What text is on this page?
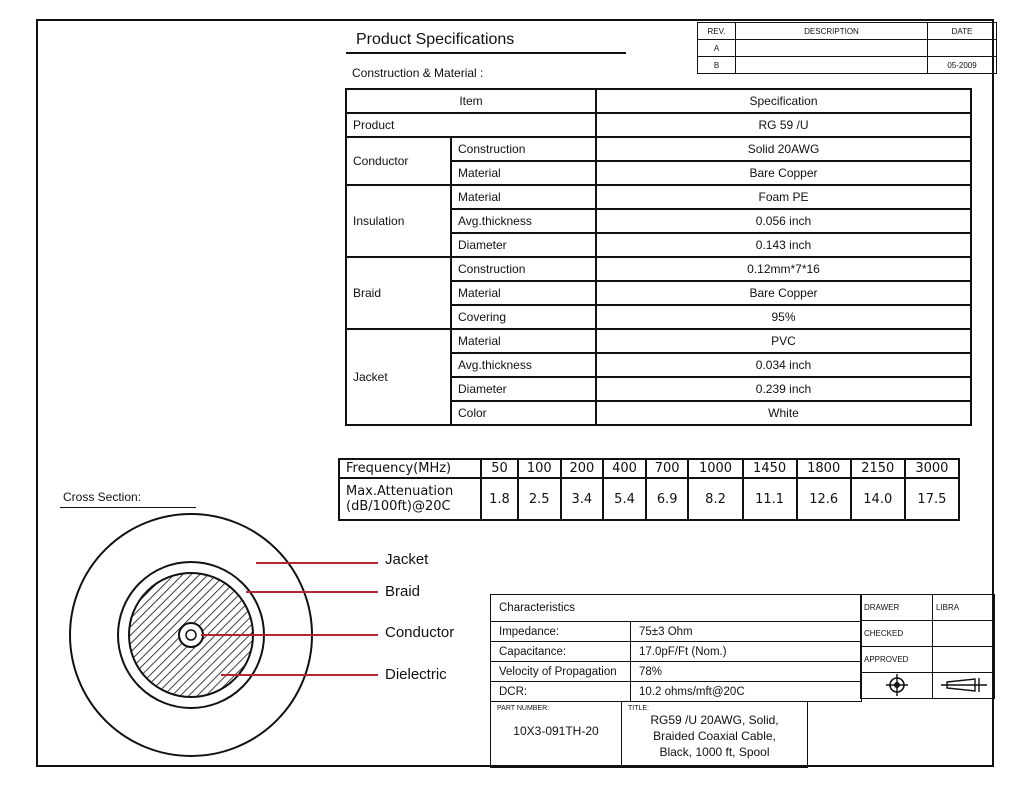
REV.	DESCRIPTION	DATE
A		
B		05-2009
Product Specifications
Construction & Material :
Item		Specification
Product		RG 59 /U
Conductor	Construction	Solid 20AWG
	Material	Bare Copper
Insulation	Material	Foam PE
	Avg.thickness	0.056 inch
	Diameter	0.143 inch
Braid	Construction	0.12mm*7*16
	Material	Bare Copper
	Covering	95%
Jacket	Material	PVC
	Avg.thickness	0.034 inch
	Diameter	0.239 inch
	Color	White
Frequency(MHz)	50	100	200	400	700	1000	1450	1800	2150	3000

Max.Attenuation
(dB/100ft)@20C	1.8	2.5	3.4	5.4	6.9	8.2	11.1	12.6	14.0	17.5
Cross Section:
Jacket
Braid
Conductor
Dielectric
Characteristics	
Impedance:	75±3 Ohm
Capacitance:	17.0pF/Ft (Nom.)
Velocity of Propagation	78%
DCR:	10.2 ohms/mft@20C
DRAWER	LIBRA
CHECKED	
APPROVED	

PART NUMBER:
10X3-091TH-20

TITLE:
RG59 /U 20AWG, Solid,
Braided Coaxial Cable,
Black, 1000 ft, Spool
